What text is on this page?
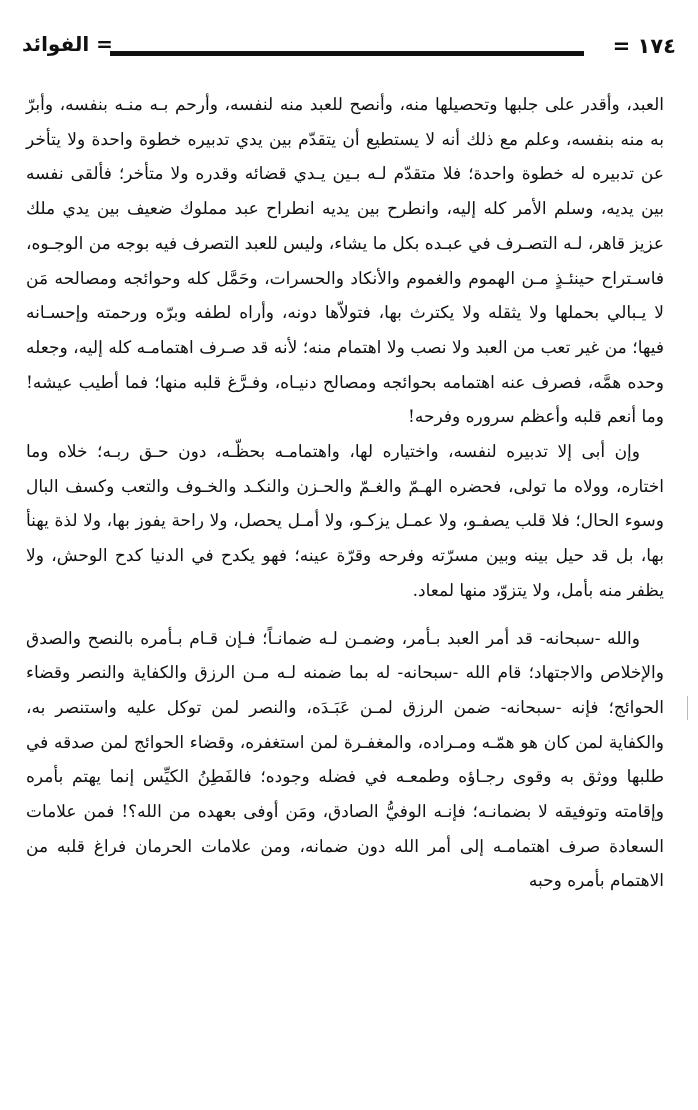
١٧٤ =
= الفوائد

العبد، وأقدر على جلبها وتحصيلها منه، وأنصح للعبد منه لنفسه، وأرحم بـه منـه بنفسه، وأبرّ به منه بنفسه، وعلم مع ذلك أنه لا يستطيع أن يتقدّم بين يدي تدبيره خطوة واحدة ولا يتأخر عن تدبيره له خطوة واحدة؛ فلا متقدّم لـه بـين يـدي قضائه وقدره ولا متأخر؛ فألقى نفسه بين يديه، وسلم الأمر كله إليه، وانطرح بين يديه انطراح عبد مملوك ضعيف بين يدي ملك عزيز قاهر، لـه التصـرف في عبـده بكل ما يشاء، وليس للعبد التصرف فيه بوجه من الوجـوه، فاسـتراح حينئـذٍ مـن الهموم والغموم والأنكاد والحسرات، وحَمَّل كله وحوائجه ومصالحه مَن لا يـبالي بحملها ولا يثقله ولا يكترث بها، فتولاّها دونه، وأراه لطفه وبرّه ورحمته وإحسـانه فيها؛ من غير تعب من العبد ولا نصب ولا اهتمام منه؛ لأنه قد صـرف اهتمامـه كله إليه، وجعله وحده همَّه، فصرف عنه اهتمامه بحوائجه ومصالح دنيـاه، وفـرَّغ قلبه منها؛ فما أطيب عيشه! وما أنعم قلبه وأعظم سروره وفرحه!

وإن أبى إلا تدبيره لنفسه، واختياره لها، واهتمامـه بحظّـه، دون حـق ربـه؛ خلاه وما اختاره، وولاه ما تولى، فحضره الهـمّ والغـمّ والحـزن والنكـد والخـوف والتعب وكسف البال وسوء الحال؛ فلا قلب يصفـو، ولا عمـل يزكـو، ولا أمـل يحصل، ولا راحة يفوز بها، ولا لذة يهنأ بها، بل قد حيل بينه وبين مسرّته وفرحه وقرّة عينه؛ فهو يكدح في الدنيا كدح الوحش، ولا يظفر منه بأمل، ولا يتزوّد منها لمعاد.

والله -سبحانه- قد أمر العبد بـأمر، وضمـن لـه ضمانـاً؛ فـإن قـام بـأمره بالنصح والصدق والإخلاص والاجتهاد؛ قام الله -سبحانه- له بما ضمنه لـه مـن الرزق والكفاية والنصر وقضاء الحوائج؛ فإنه -سبحانه- ضمن الرزق لمـن عَبَـدَه، والنصر لمن توكل عليه واستنصر به، والكفاية لمن كان هو همّـه ومـراده، والمغفـرة لمن استغفره، وقضاء الحوائج لمن صدقه في طلبها ووثق به وقوى رجـاؤه وطمعـه في فضله وجوده؛ فالفَطِنُ الكيِّس إنما يهتم بأمره وإقامته وتوفيقه لا بضمانـه؛ فإنـه الوفيُّ الصادق، ومَن أوفى بعهده من الله؟! فمن علامات السعادة صرف اهتمامـه إلى أمر الله دون ضمانه، ومن علامات الحرمان فراغ قلبه من الاهتمام بأمره وحبه
